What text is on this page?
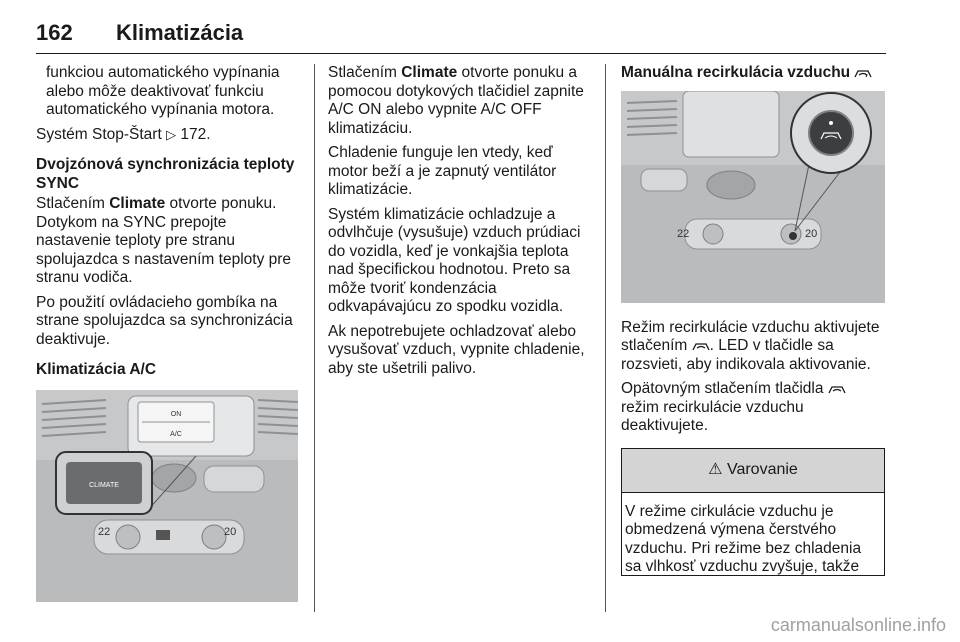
162 Klimatizácia

funkciou automatického vypínania alebo môže deaktivovať funkciu automatického vypínania motora.

Systém Stop-Štart ▷ 172.

Dvojzónová synchronizácia teploty SYNC

Stlačením Climate otvorte ponuku. Dotykom na SYNC prepojte nastavenie teploty pre stranu spolujazdca s nastavením teploty pre stranu vodiča.

Po použití ovládacieho gombíka na strane spolujazdca sa synchronizácia deaktivuje.

Klimatizácia A/C

ON
A/C
22	20
CLIMATE

Stlačením Climate otvorte ponuku a pomocou dotykových tlačidiel zapnite A/C ON alebo vypnite A/C OFF klimatizáciu.

Chladenie funguje len vtedy, keď motor beží a je zapnutý ventilátor klimatizácie.

Systém klimatizácie ochladzuje a odvlhčuje (vysušuje) vzduch prúdiaci do vozidla, keď je vonkajšia teplota nad špecifickou hodnotou. Preto sa môže tvoriť kondenzácia odkvapávajúcu zo spodku vozidla.

Ak nepotrebujete ochladzovať alebo vysušovať vzduch, vypnite chladenie, aby ste ušetrili palivo.

Manuálna recirkulácia vzduchu

22	20

Režim recirkulácie vzduchu aktivujete stlačením . LED v tlačidle sa rozsvieti, aby indikovala aktivovanie.

Opätovným stlačením tlačidla  režim recirkulácie vzduchu deaktivujete.

⚠ Varovanie
V režime cirkulácie vzduchu je obmedzená výmena čerstvého vzduchu. Pri režime bez chladenia sa vlhkosť vzduchu zvyšuje, takže
carmanualsonline.info
